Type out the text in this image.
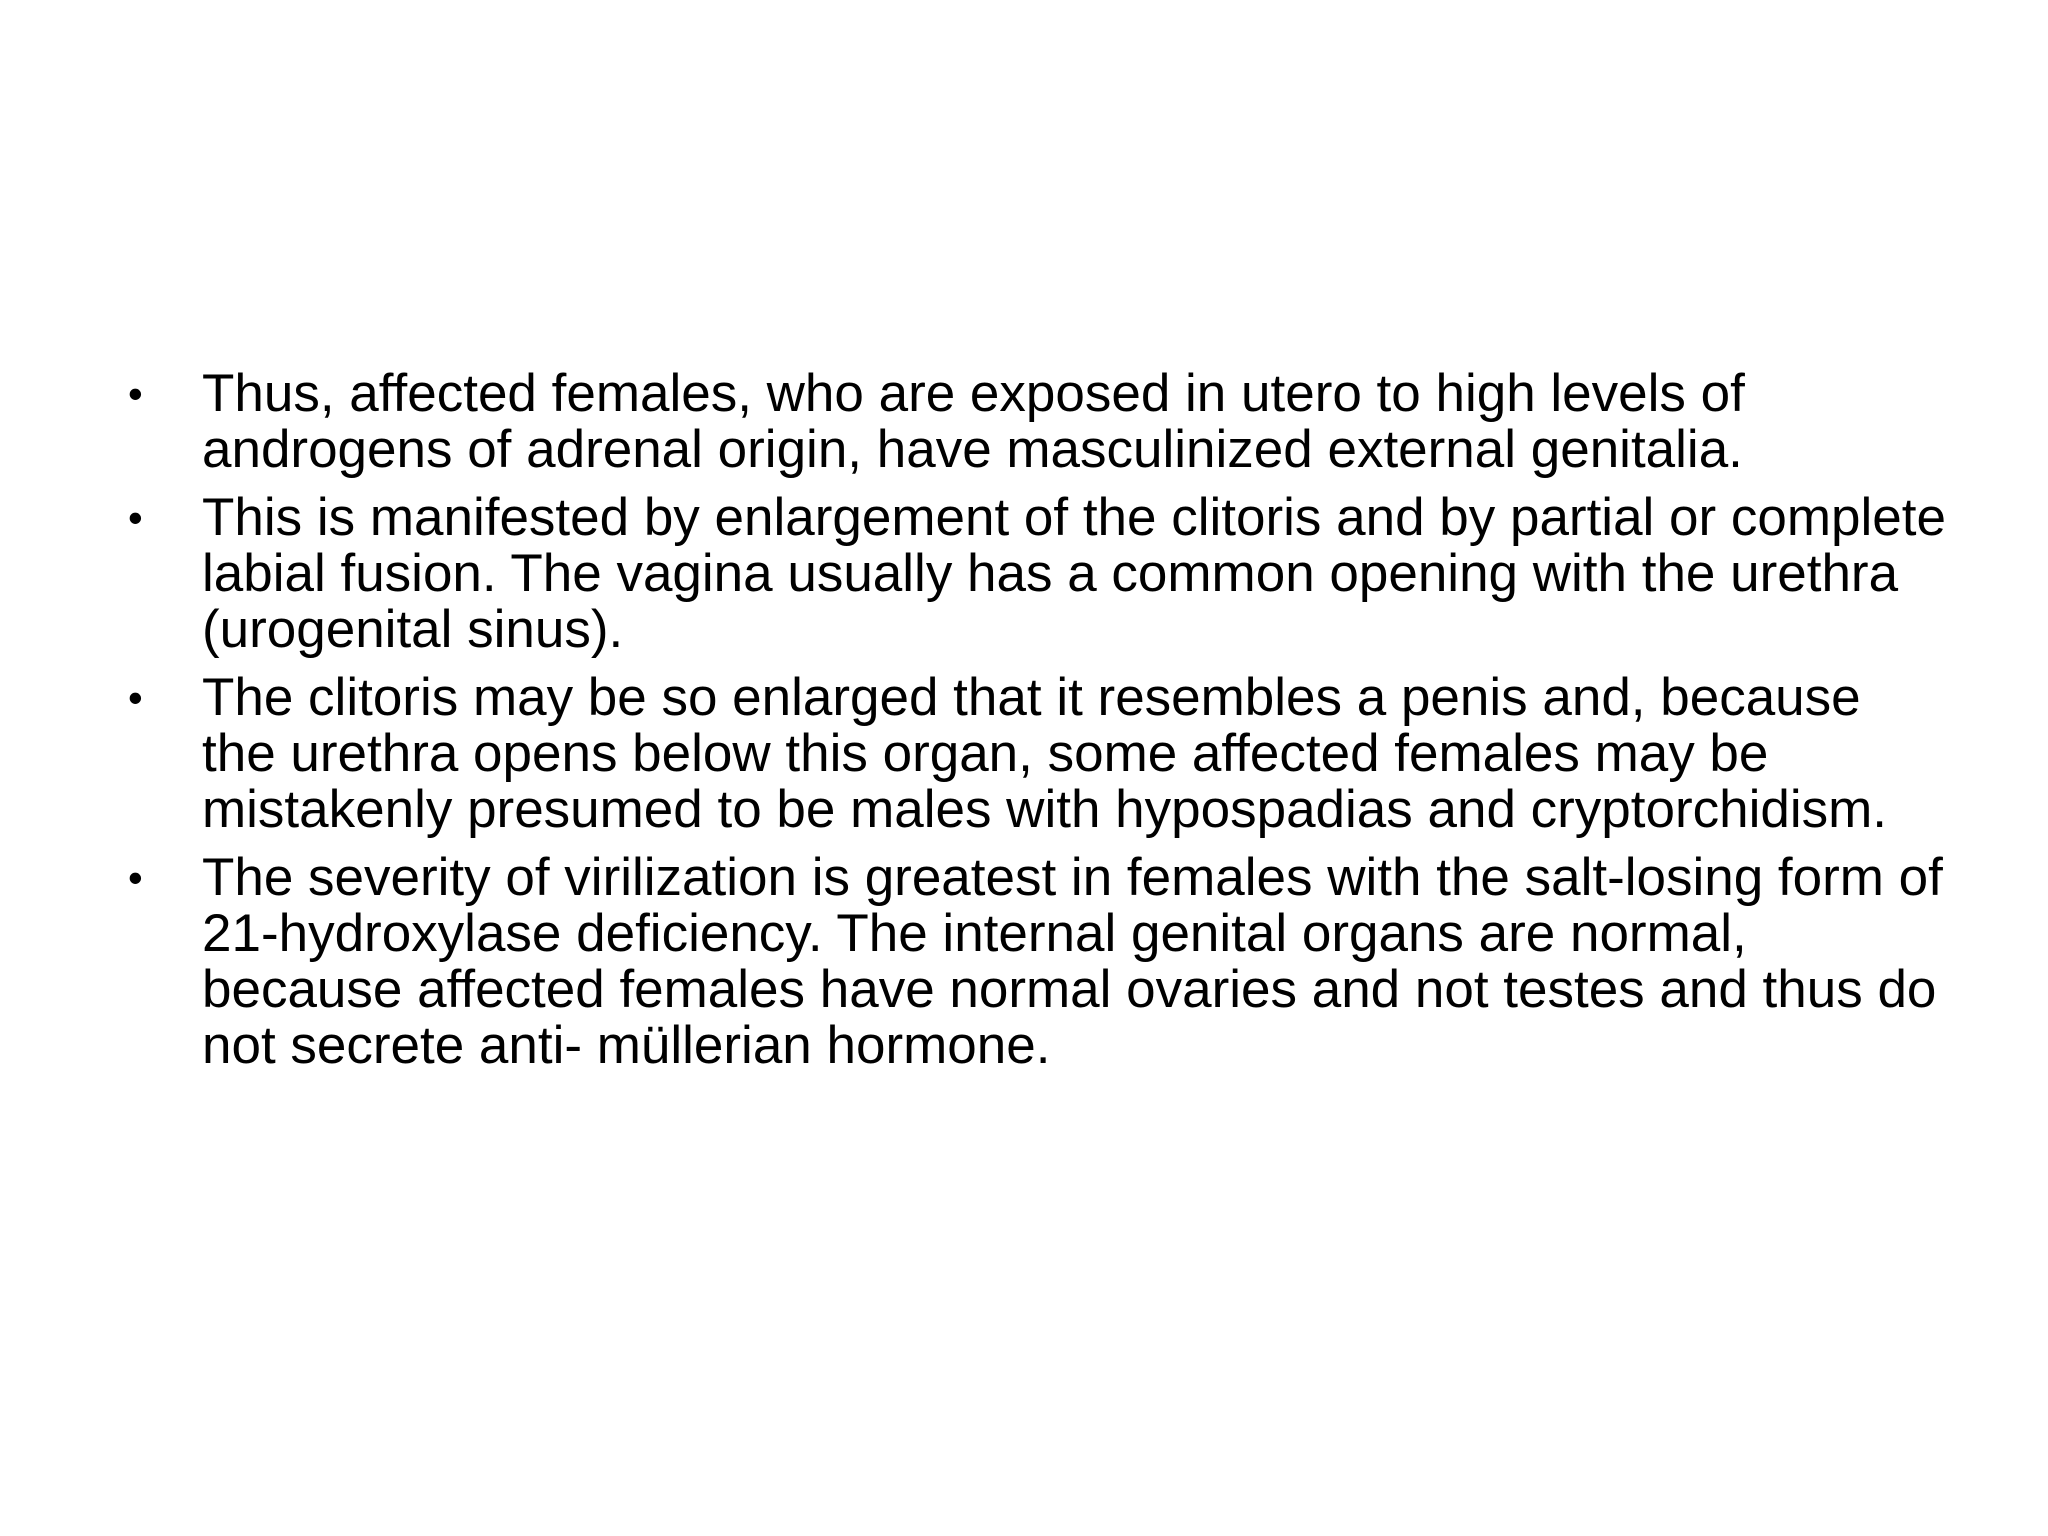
• Thus, affected females, who are exposed in utero to high levels of androgens of adrenal origin, have masculinized external genitalia.
• This is manifested by enlargement of the clitoris and by partial or complete labial fusion. The vagina usually has a common opening with the urethra (urogenital sinus).
• The clitoris may be so enlarged that it resembles a penis and, because the urethra opens below this organ, some affected females may be mistakenly presumed to be males with hypospadias and cryptorchidism.
• The severity of virilization is greatest in females with the salt-losing form of 21-hydroxylase deficiency. The internal genital organs are normal, because affected females have normal ovaries and not testes and thus do not secrete anti- müllerian hormone.
